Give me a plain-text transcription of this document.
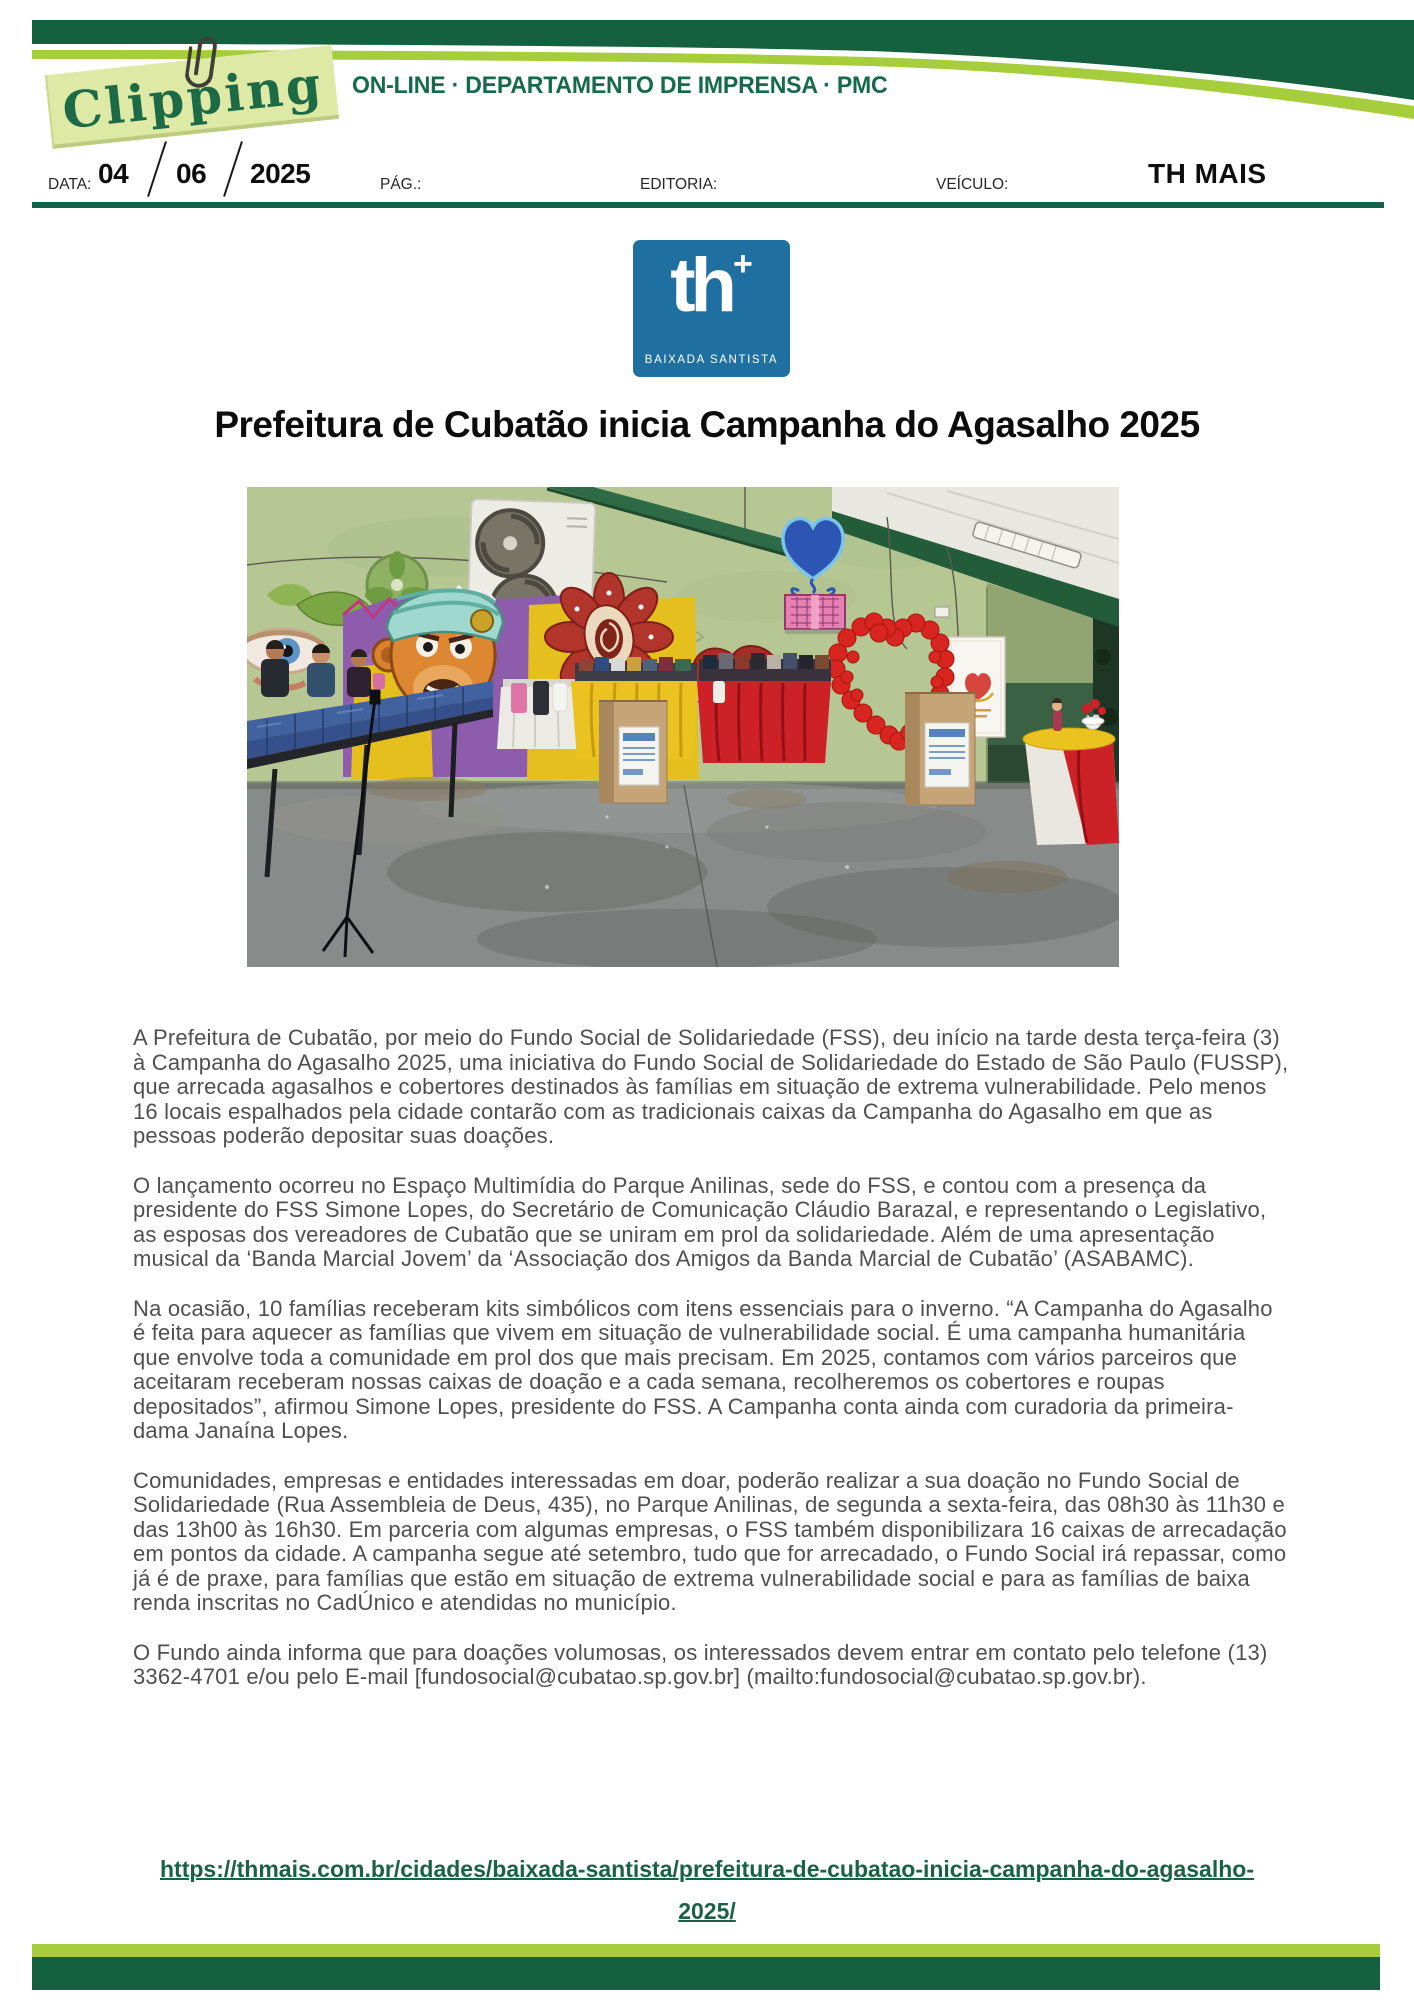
Clipping ON-LINE · DEPARTAMENTO DE IMPRENSA · PMC
DATA: 04 06 2025	PÁG.:	EDITORIA:	VEÍCULO:	TH MAIS
th+
BAIXADA SANTISTA
Prefeitura de Cubatão inicia Campanha do Agasalho 2025

A Prefeitura de Cubatão, por meio do Fundo Social de Solidariedade (FSS), deu início na tarde desta terça-feira (3) à Campanha do Agasalho 2025, uma iniciativa do Fundo Social de Solidariedade do Estado de São Paulo (FUSSP), que arrecada agasalhos e cobertores destinados às famílias em situação de extrema vulnerabilidade. Pelo menos 16 locais espalhados pela cidade contarão com as tradicionais caixas da Campanha do Agasalho em que as pessoas poderão depositar suas doações.

O lançamento ocorreu no Espaço Multimídia do Parque Anilinas, sede do FSS, e contou com a presença da presidente do FSS Simone Lopes, do Secretário de Comunicação Cláudio Barazal, e representando o Legislativo, as esposas dos vereadores de Cubatão que se uniram em prol da solidariedade. Além de uma apresentação musical da ‘Banda Marcial Jovem’ da ‘Associação dos Amigos da Banda Marcial de Cubatão’ (ASABAMC).

Na ocasião, 10 famílias receberam kits simbólicos com itens essenciais para o inverno. “A Campanha do Agasalho é feita para aquecer as famílias que vivem em situação de vulnerabilidade social. É uma campanha humanitária que envolve toda a comunidade em prol dos que mais precisam. Em 2025, contamos com vários parceiros que aceitaram receberam nossas caixas de doação e a cada semana, recolheremos os cobertores e roupas depositados”, afirmou Simone Lopes, presidente do FSS. A Campanha conta ainda com curadoria da primeira-dama Janaína Lopes.

Comunidades, empresas e entidades interessadas em doar, poderão realizar a sua doação no Fundo Social de Solidariedade (Rua Assembleia de Deus, 435), no Parque Anilinas, de segunda a sexta-feira, das 08h30 às 11h30 e das 13h00 às 16h30. Em parceria com algumas empresas, o FSS também disponibilizara 16 caixas de arrecadação em pontos da cidade. A campanha segue até setembro, tudo que for arrecadado, o Fundo Social irá repassar, como já é de praxe, para famílias que estão em situação de extrema vulnerabilidade social e para as famílias de baixa renda inscritas no CadÚnico e atendidas no município.

O Fundo ainda informa que para doações volumosas, os interessados devem entrar em contato pelo telefone (13) 3362-4701 e/ou pelo E-mail [fundosocial@cubatao.sp.gov.br] (mailto:fundosocial@cubatao.sp.gov.br).

https://thmais.com.br/cidades/baixada-santista/prefeitura-de-cubatao-inicia-campanha-do-agasalho-2025/
